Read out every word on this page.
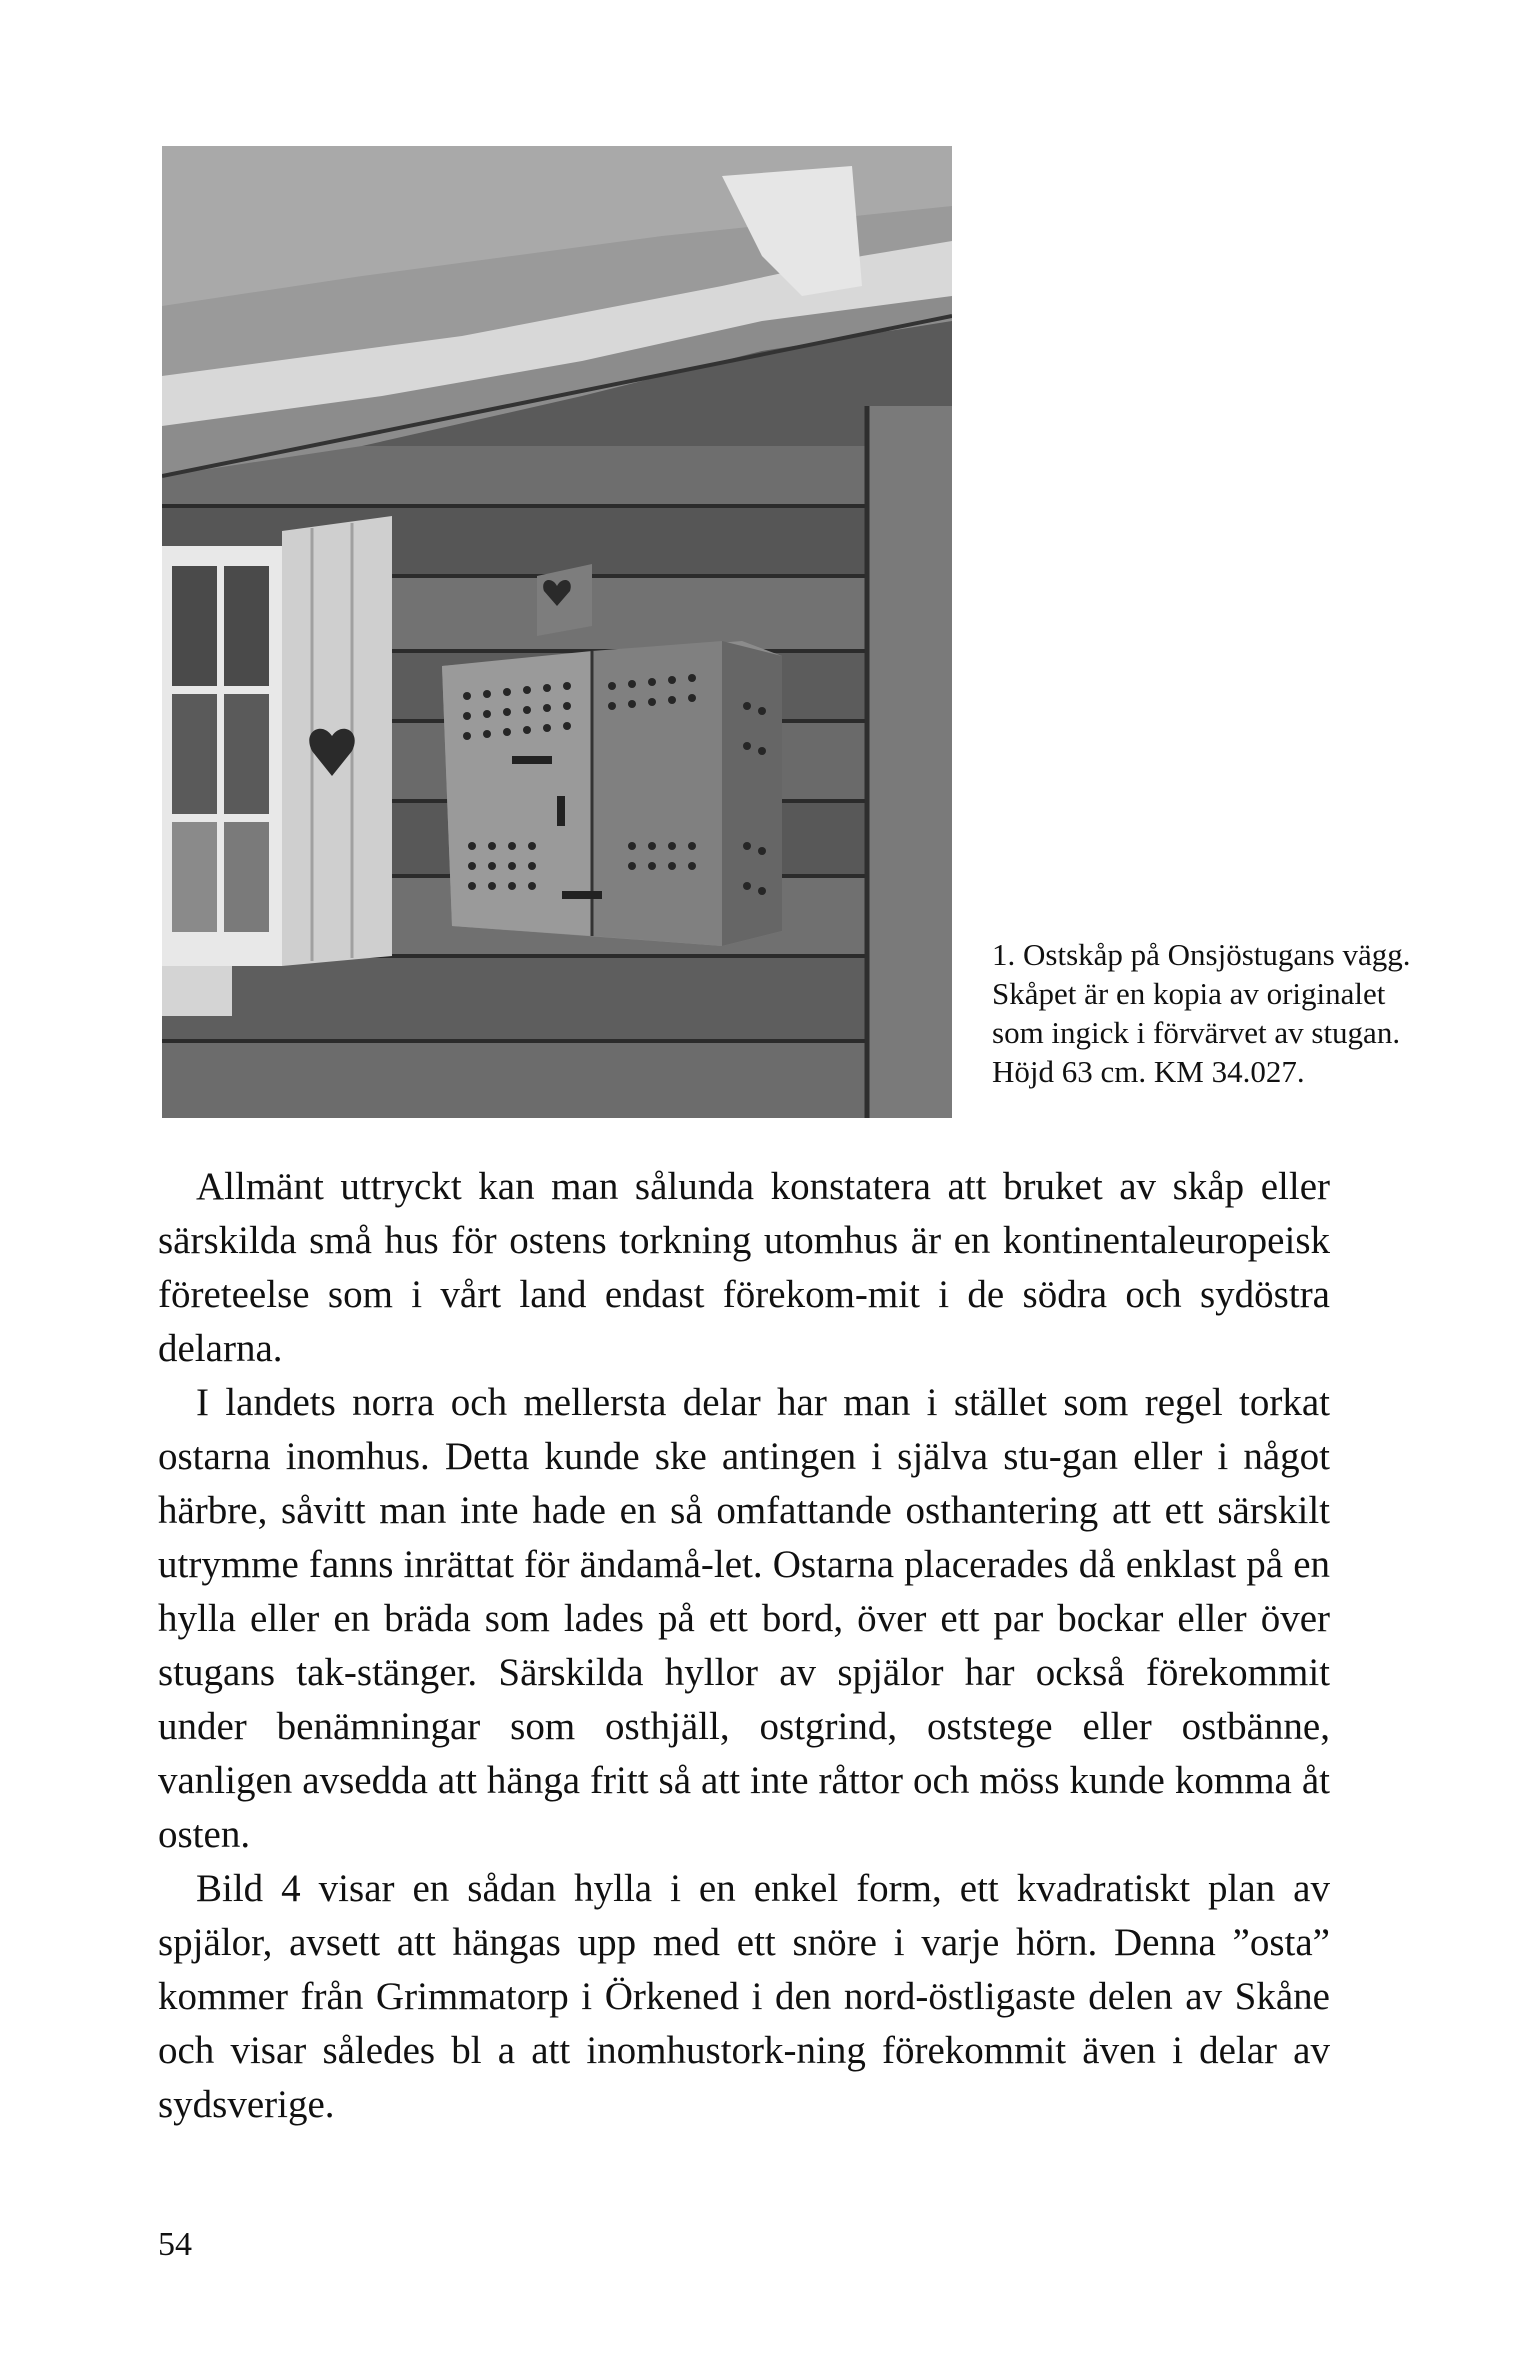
1. Ostskåp på Onsjöstugans vägg.

Skåpet är en kopia av originalet

som ingick i förvärvet av stugan.

Höjd 63 cm. KM 34.027.

Allmänt uttryckt kan man sålunda konstatera att bruket av skåp eller särskilda små hus för ostens torkning utomhus är en kontinentaleuropeisk företeelse som i vårt land endast förekom-mit i de södra och sydöstra delarna.

I landets norra och mellersta delar har man i stället som regel torkat ostarna inomhus. Detta kunde ske antingen i själva stu-gan eller i något härbre, såvitt man inte hade en så omfattande osthantering att ett särskilt utrymme fanns inrättat för ändamå-let. Ostarna placerades då enklast på en hylla eller en bräda som lades på ett bord, över ett par bockar eller över stugans tak-stänger. Särskilda hyllor av spjälor har också förekommit under benämningar som osthjäll, ostgrind, oststege eller ostbänne, vanligen avsedda att hänga fritt så att inte råttor och möss kunde komma åt osten.

Bild 4 visar en sådan hylla i en enkel form, ett kvadratiskt plan av spjälor, avsett att hängas upp med ett snöre i varje hörn. Denna ”osta” kommer från Grimmatorp i Örkened i den nord-östligaste delen av Skåne och visar således bl a att inomhustork-ning förekommit även i delar av sydsverige.

54
